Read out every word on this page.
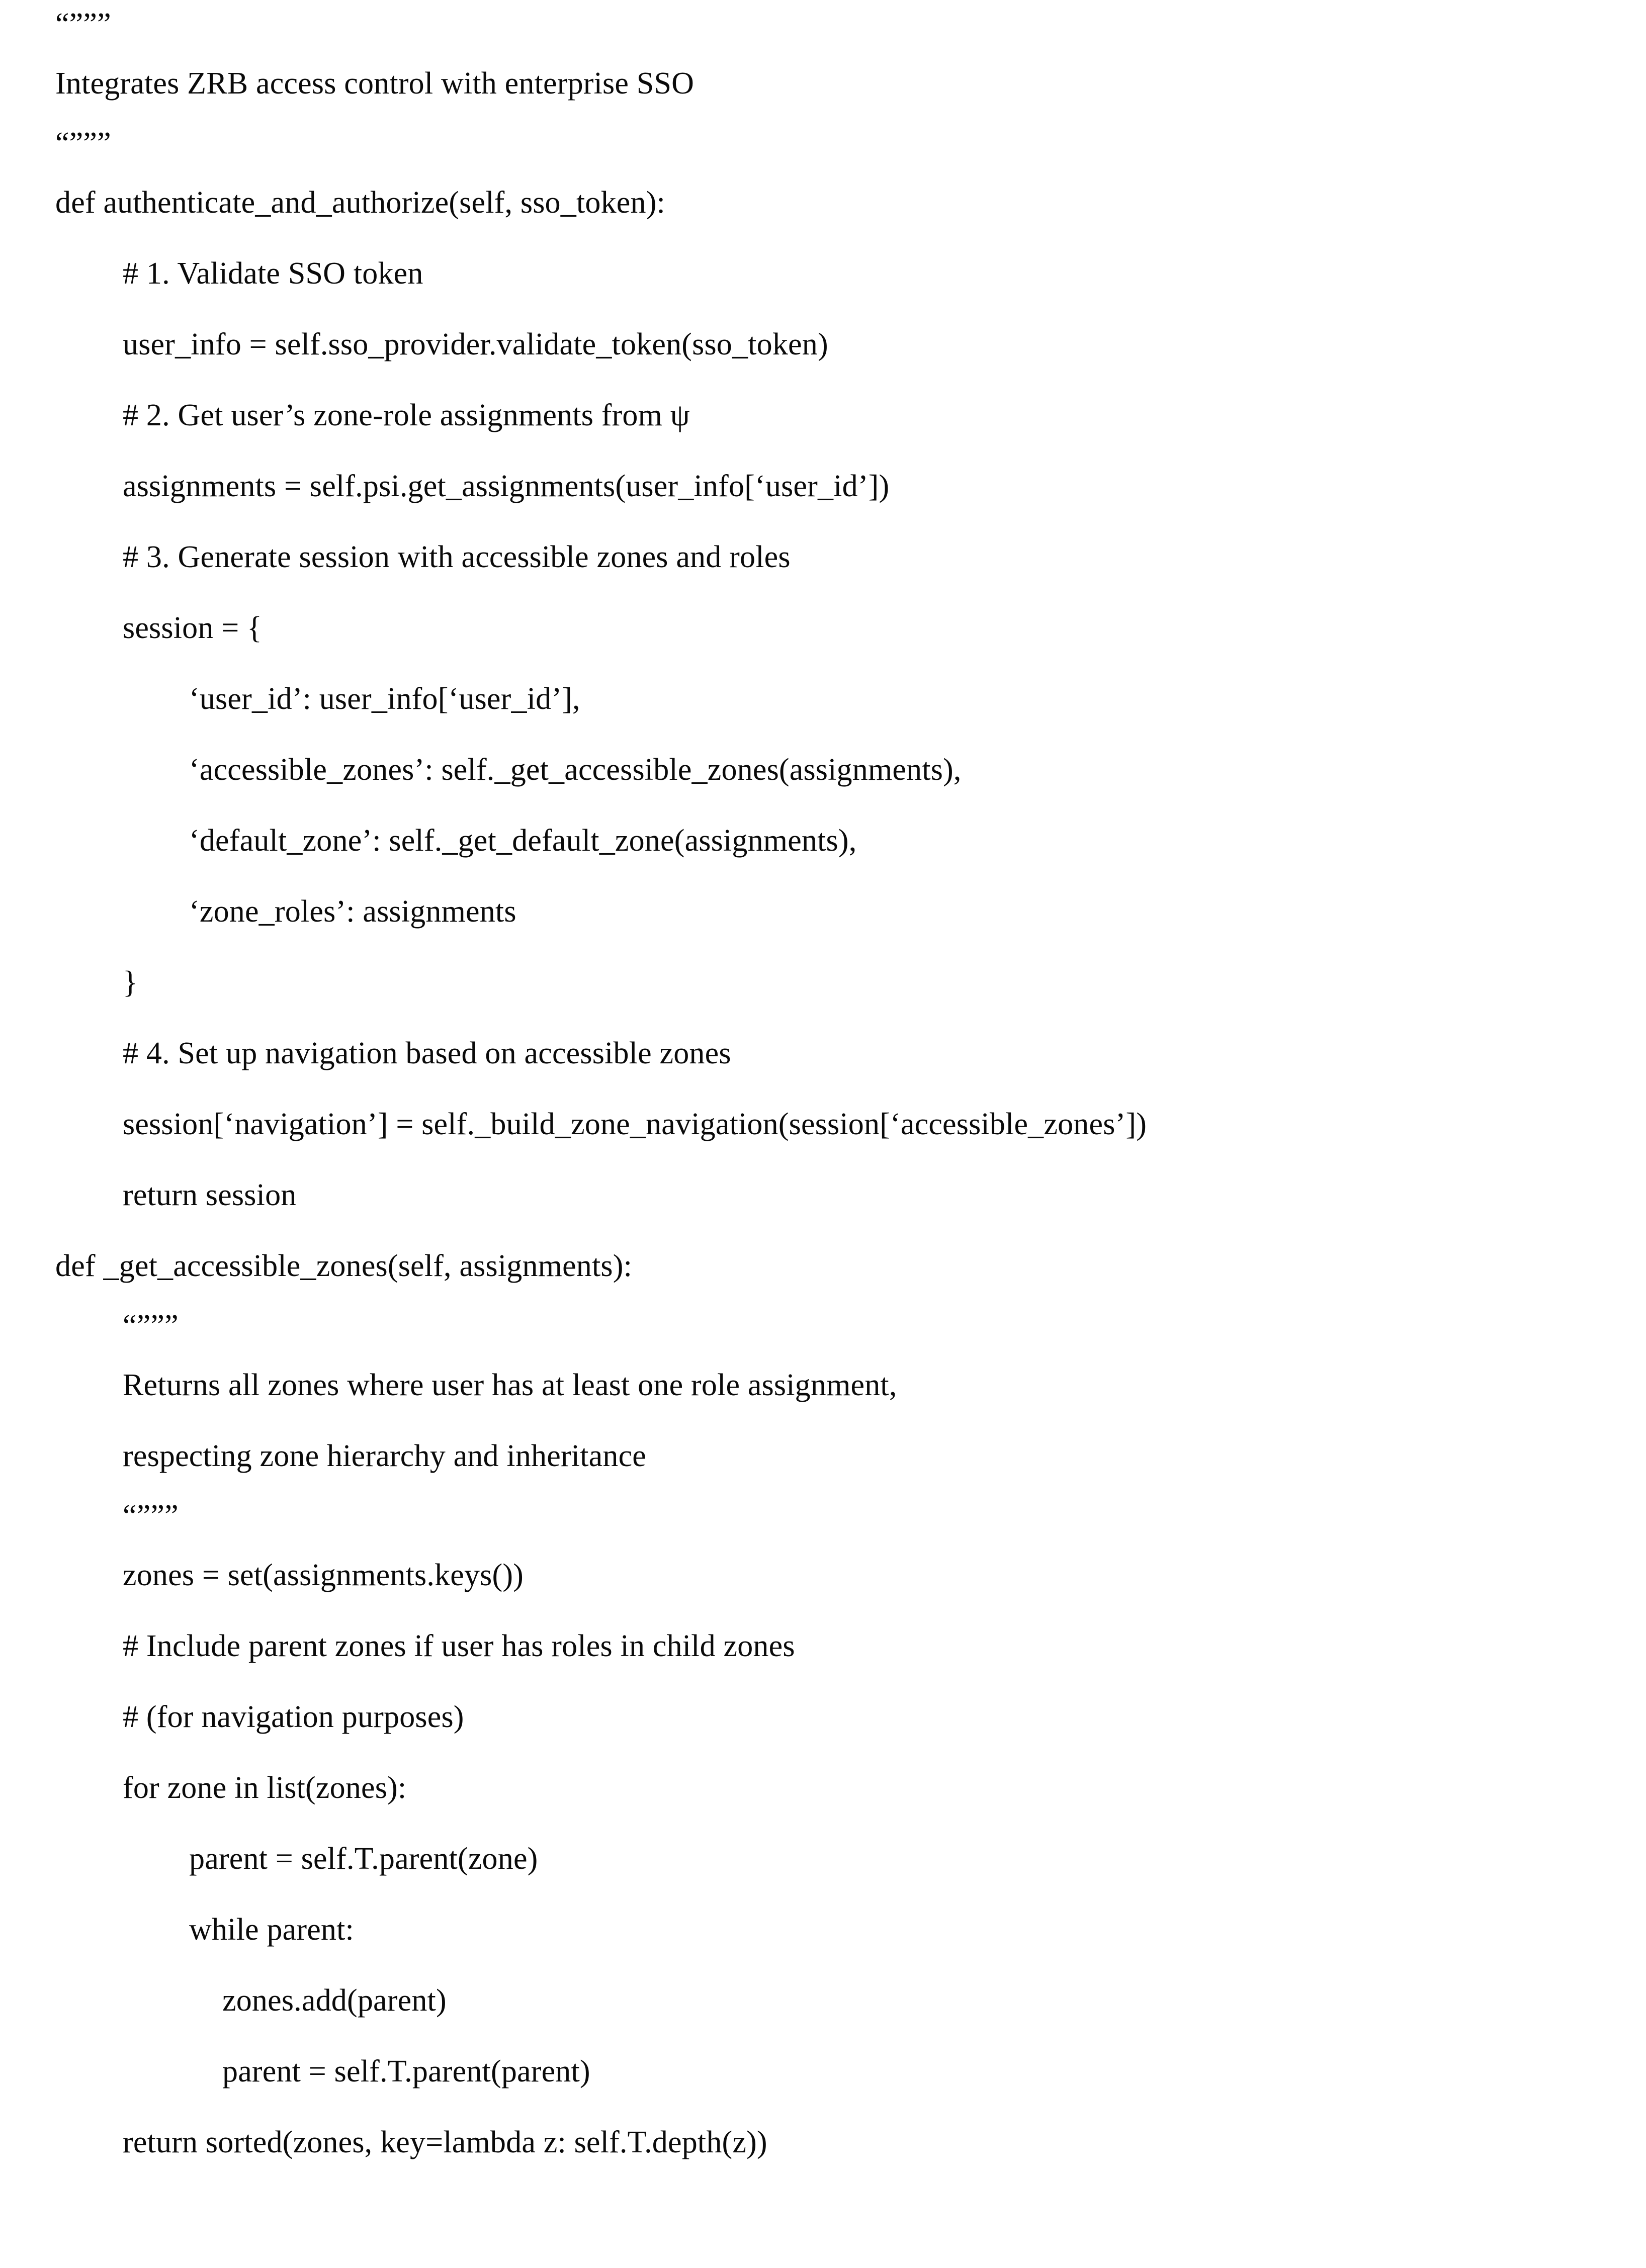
“”””
Integrates ZRB access control with enterprise SSO
“”””
def authenticate_and_authorize(self, sso_token):
# 1. Validate SSO token
user_info = self.sso_provider.validate_token(sso_token)
# 2. Get user’s zone-role assignments from ψ
assignments = self.psi.get_assignments(user_info[‘user_id’])
# 3. Generate session with accessible zones and roles
session = {
‘user_id’: user_info[‘user_id’],
‘accessible_zones’: self._get_accessible_zones(assignments),
‘default_zone’: self._get_default_zone(assignments),
‘zone_roles’: assignments
}
# 4. Set up navigation based on accessible zones
session[‘navigation’] = self._build_zone_navigation(session[‘accessible_zones’])
return session
def _get_accessible_zones(self, assignments):
“”””
Returns all zones where user has at least one role assignment,
respecting zone hierarchy and inheritance
“”””
zones = set(assignments.keys())
# Include parent zones if user has roles in child zones
# (for navigation purposes)
for zone in list(zones):
parent = self.T.parent(zone)
while parent:
zones.add(parent)
parent = self.T.parent(parent)
return sorted(zones, key=lambda z: self.T.depth(z))
